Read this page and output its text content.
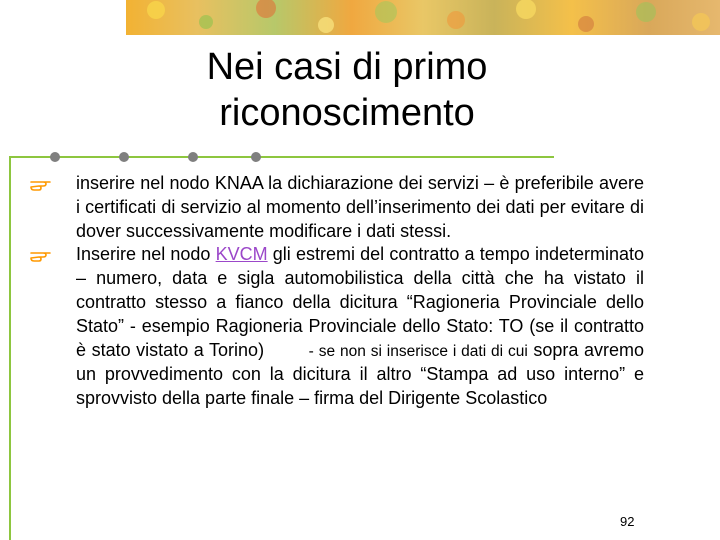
Nei casi di primo
riconoscimento

inserire nel nodo KNAA la dichiarazione dei servizi – è preferibile avere i certificati di servizio al momento dell’inserimento dei dati per evitare di dover successivamente modificare i dati stessi.

Inserire nel nodo KVCM gli estremi del contratto a tempo indeterminato – numero, data e sigla automobilistica della città che ha vistato il contratto stesso a fianco della dicitura “Ragioneria Provinciale dello Stato” - esempio Ragioneria Provinciale dello Stato: TO (se il contratto è stato vistato a Torino)	- se non si inserisce i dati di cui sopra avremo un provvedimento con la dicitura il altro “Stampa ad uso interno” e sprovvisto della parte finale – firma del Dirigente Scolastico

92
